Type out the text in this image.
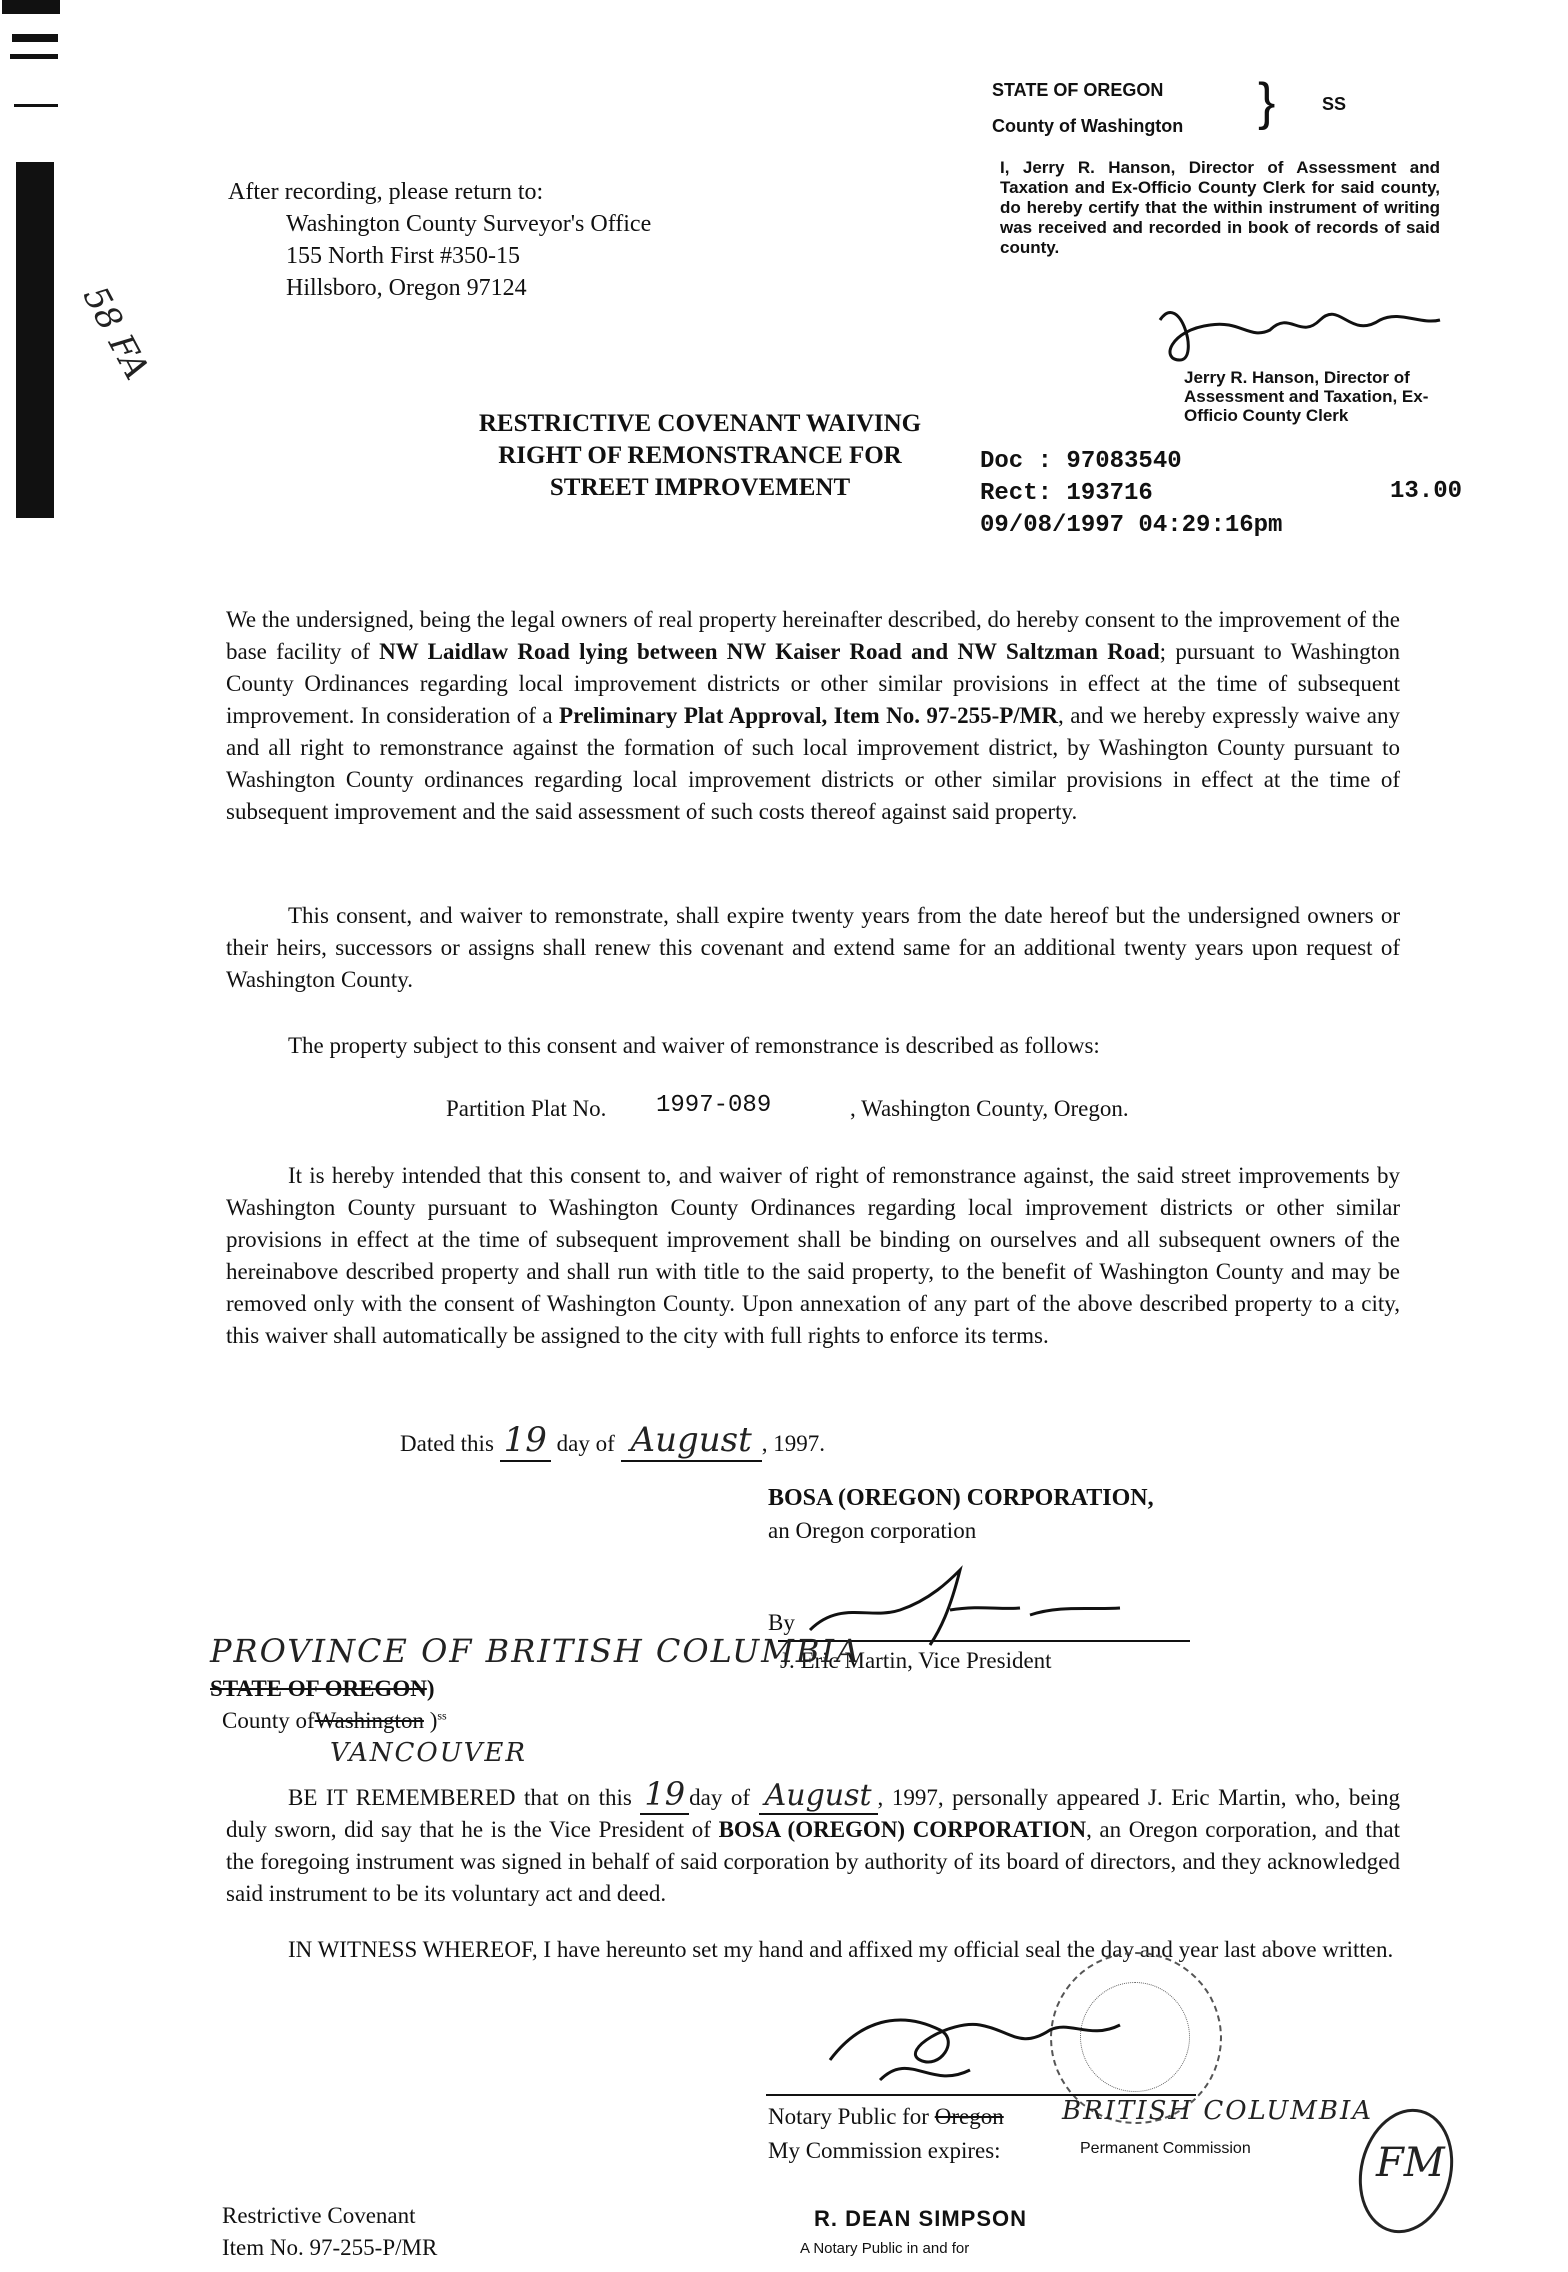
58 FA
After recording, please return to:
Washington County Surveyor's Office
155 North First #350-15
Hillsboro, Oregon 97124
STATE OF OREGON
County of Washington }	SS
I, Jerry R. Hanson, Director of Assessment and Taxation and Ex-Officio County Clerk for said county, do hereby certify that the within instrument of writing was received and recorded in book of records of said county.
Jerry R. Hanson, Director of
Assessment and Taxation, Ex-
Officio County Clerk
RESTRICTIVE COVENANT WAIVING
RIGHT OF REMONSTRANCE FOR
STREET IMPROVEMENT
Doc : 97083540
Rect: 193716
09/08/1997 04:29:16pm
13.00
We the undersigned, being the legal owners of real property hereinafter described, do hereby consent to the improvement of the base facility of NW Laidlaw Road lying between NW Kaiser Road and NW Saltzman Road; pursuant to Washington County Ordinances regarding local improvement districts or other similar provisions in effect at the time of subsequent improvement. In consideration of a Preliminary Plat Approval, Item No. 97-255-P/MR, and we hereby expressly waive any and all right to remonstrance against the formation of such local improvement district, by Washington County pursuant to Washington County ordinances regarding local improvement districts or other similar provisions in effect at the time of subsequent improvement and the said assessment of such costs thereof against said property.
This consent, and waiver to remonstrate, shall expire twenty years from the date hereof but the undersigned owners or their heirs, successors or assigns shall renew this covenant and extend same for an additional twenty years upon request of Washington County.
The property subject to this consent and waiver of remonstrance is described as follows:
Partition Plat No. 1997-089	, Washington County, Oregon.
It is hereby intended that this consent to, and waiver of right of remonstrance against, the said street improvements by Washington County pursuant to Washington County Ordinances regarding local improvement districts or other similar provisions in effect at the time of subsequent improvement shall be binding on ourselves and all subsequent owners of the hereinabove described property and shall run with title to the said property, to the benefit of Washington County and may be removed only with the consent of Washington County. Upon annexation of any part of the above described property to a city, this waiver shall automatically be assigned to the city with full rights to enforce its terms.
Dated this 19 day of August , 1997.
BOSA (OREGON) CORPORATION,
an Oregon corporation
By
J. Eric Martin, Vice President
PROVINCE OF BRITISH COLUMBIA
STATE OF OREGON)
County ofWashington )$^{ss}$
VANCOUVER
BE IT REMEMBERED that on this 19 day of August , 1997, personally appeared J. Eric Martin, who, being duly sworn, did say that he is the Vice President of BOSA (OREGON) CORPORATION, an Oregon corporation, and that the foregoing instrument was signed in behalf of said corporation by authority of its board of directors, and they acknowledged said instrument to be its voluntary act and deed.
IN WITNESS WHEREOF, I have hereunto set my hand and affixed my official seal the day and year last above written.
Notary Public for Oregon BRITISH COLUMBIA
My Commission expires:	Permanent Commission	FM
Restrictive Covenant
Item No. 97-255-P/MR
R. DEAN SIMPSON
A Notary Public in and for
